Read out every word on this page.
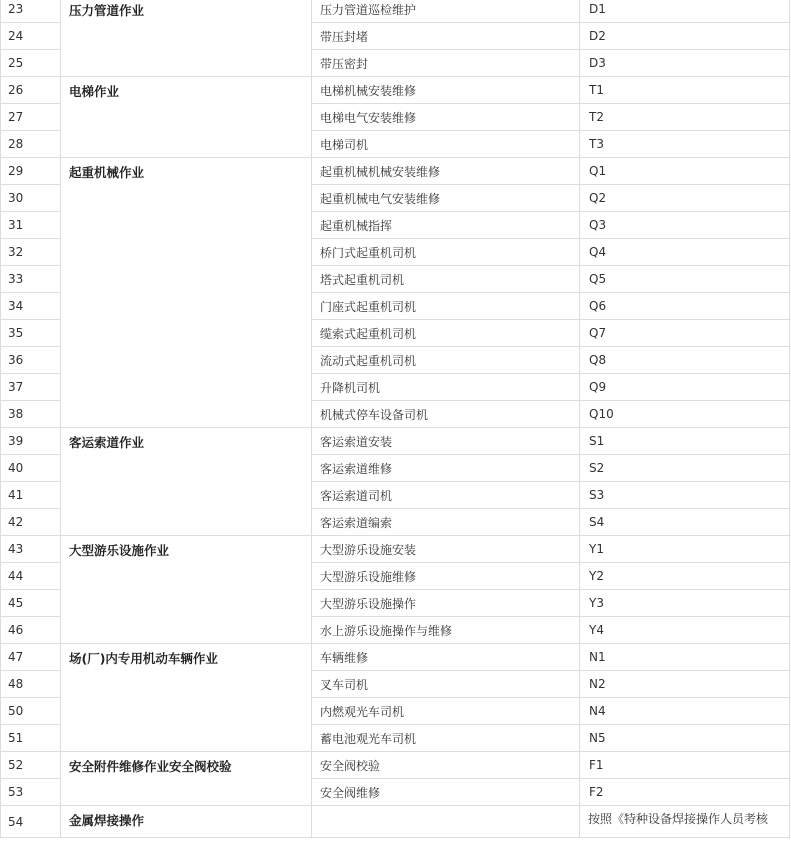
23	压力管道作业	压力管道巡检维护	D1
24		带压封堵	D2
25		带压密封	D3
26	电梯作业	电梯机械安装维修	T1
27		电梯电气安装维修	T2
28		电梯司机	T3
29	起重机械作业	起重机械机械安装维修	Q1
30		起重机械电气安装维修	Q2
31		起重机械指挥	Q3
32		桥门式起重机司机	Q4
33		塔式起重机司机	Q5
34		门座式起重机司机	Q6
35		缆索式起重机司机	Q7
36		流动式起重机司机	Q8
37		升降机司机	Q9
38		机械式停车设备司机	Q10
39	客运索道作业	客运索道安装	S1
40		客运索道维修	S2
41		客运索道司机	S3
42		客运索道编索	S4
43	大型游乐设施作业	大型游乐设施安装	Y1
44		大型游乐设施维修	Y2
45		大型游乐设施操作	Y3
46		水上游乐设施操作与维修	Y4
47	场(厂)内专用机动车辆作业	车辆维修	N1
48		叉车司机	N2
50		内燃观光车司机	N4
51		蓄电池观光车司机	N5
52	安全附件维修作业安全阀校验	安全阀校验	F1
53		安全阀维修	F2
54	金属焊接操作		按照《特种设备焊接操作人员考核
